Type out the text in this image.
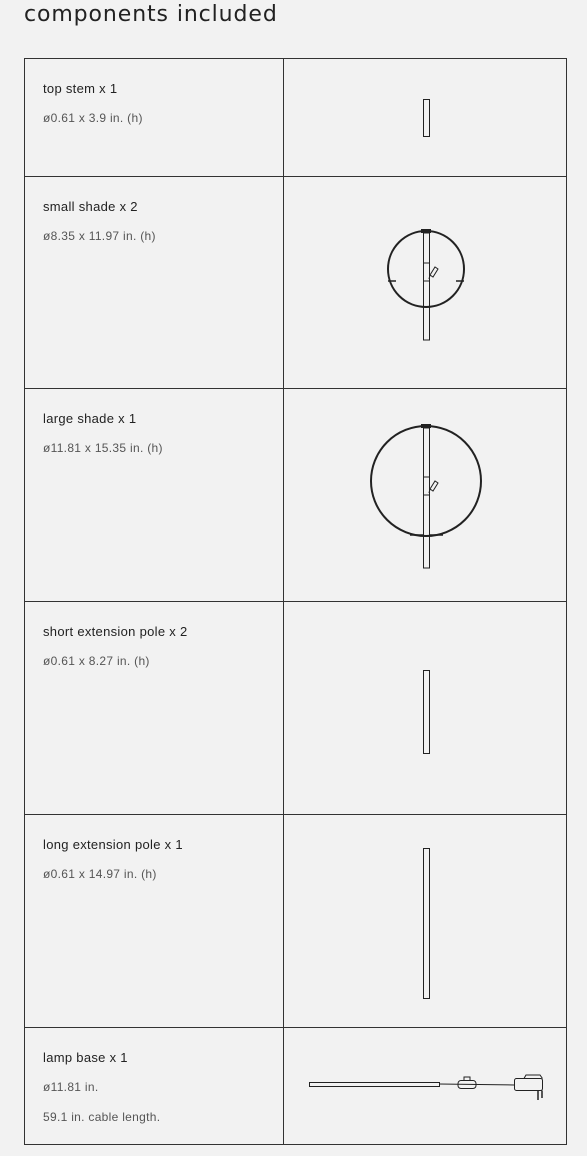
components included
top stem x 1
ø0.61 x 3.9 in. (h)
small shade x 2
ø8.35 x 11.97 in. (h)
large shade x 1
ø11.81 x 15.35 in. (h)
short extension pole x 2
ø0.61 x 8.27 in. (h)
long extension pole x 1
ø0.61 x 14.97 in. (h)
lamp base x 1
ø11.81 in.
59.1 in. cable length.
